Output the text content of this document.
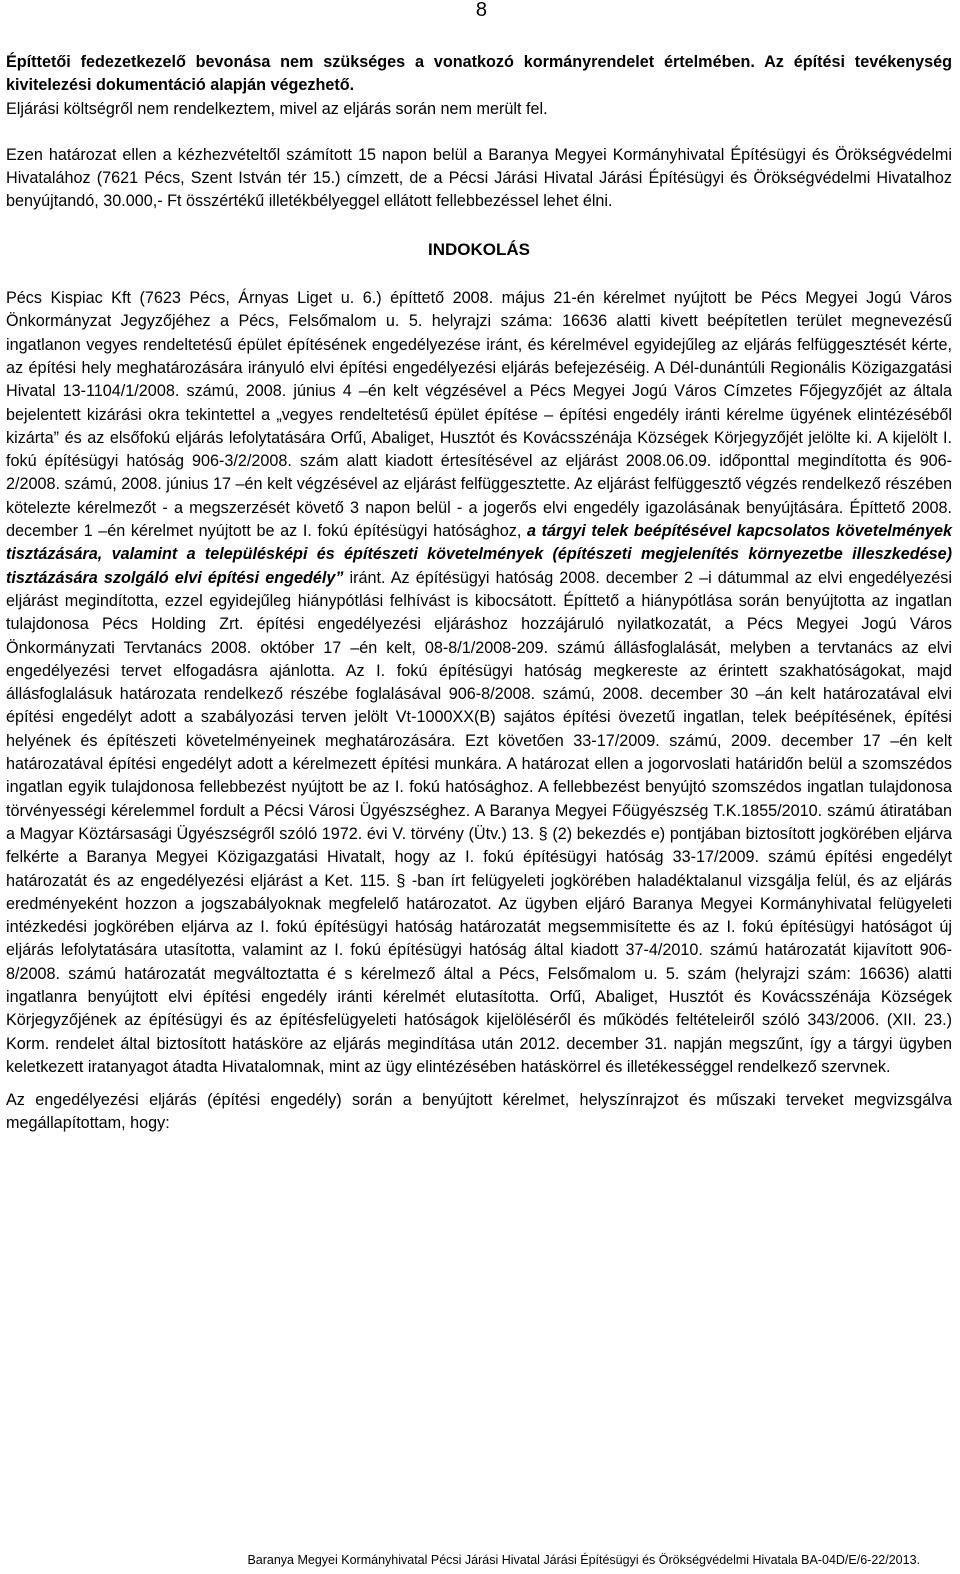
8

Építtetői fedezetkezelő bevonása nem szükséges a vonatkozó kormányrendelet értelmében. Az építési tevékenység kivitelezési dokumentáció alapján végezhető.

Eljárási költségről nem rendelkeztem, mivel az eljárás során nem merült fel.

Ezen határozat ellen a kézhezvételtől számított 15 napon belül a Baranya Megyei Kormányhivatal Építésügyi és Örökségvédelmi Hivatalához (7621 Pécs, Szent István tér 15.) címzett, de a Pécsi Járási Hivatal Járási Építésügyi és Örökségvédelmi Hivatalhoz benyújtandó, 30.000,- Ft összértékű illetékbélyeggel ellátott fellebbezéssel lehet élni.

INDOKOLÁS

Pécs Kispiac Kft (7623 Pécs, Árnyas Liget u. 6.) építtető 2008. május 21-én kérelmet nyújtott be Pécs Megyei Jogú Város Önkormányzat Jegyzőjéhez a Pécs, Felsőmalom u. 5. helyrajzi száma: 16636 alatti kivett beépítetlen terület megnevezésű ingatlanon vegyes rendeltetésű épület építésének engedélyezése iránt, és kérelmével egyidejűleg az eljárás felfüggesztését kérte, az építési hely meghatározására irányuló elvi építési engedélyezési eljárás befejezéséig. A Dél-dunántúli Regionális Közigazgatási Hivatal 13-1104/1/2008. számú, 2008. június 4 –én kelt végzésével a Pécs Megyei Jogú Város Címzetes Főjegyzőjét az általa bejelentett kizárási okra tekintettel a „vegyes rendeltetésű épület építése – építési engedély iránti kérelme ügyének elintézéséből kizárta” és az elsőfokú eljárás lefolytatására Orfű, Abaliget, Husztót és Kovácsszénája Községek Körjegyzőjét jelölte ki. A kijelölt I. fokú építésügyi hatóság 906-3/2/2008. szám alatt kiadott értesítésével az eljárást 2008.06.09. időponttal megindította és 906-2/2008. számú, 2008. június 17 –én kelt végzésével az eljárást felfüggesztette. Az eljárást felfüggesztő végzés rendelkező részében kötelezte kérelmezőt - a megszerzését követő 3 napon belül - a jogerős elvi engedély igazolásának benyújtására. Építtető 2008. december 1 –én kérelmet nyújtott be az I. fokú építésügyi hatósághoz, a tárgyi telek beépítésével kapcsolatos követelmények tisztázására, valamint a településképi és építészeti követelmények (építészeti megjelenítés környezetbe illeszkedése) tisztázására szolgáló elvi építési engedély” iránt. Az építésügyi hatóság 2008. december 2 –i dátummal az elvi engedélyezési eljárást megindította, ezzel egyidejűleg hiánypótlási felhívást is kibocsátott. Építtető a hiánypótlása során benyújtotta az ingatlan tulajdonosa Pécs Holding Zrt. építési engedélyezési eljáráshoz hozzájáruló nyilatkozatát, a Pécs Megyei Jogú Város Önkormányzati Tervtanács 2008. október 17 –én kelt, 08-8/1/2008-209. számú állásfoglalását, melyben a tervtanács az elvi engedélyezési tervet elfogadásra ajánlotta. Az I. fokú építésügyi hatóság megkereste az érintett szakhatóságokat, majd állásfoglalásuk határozata rendelkező részébe foglalásával 906-8/2008. számú, 2008. december 30 –án kelt határozatával elvi építési engedélyt adott a szabályozási terven jelölt Vt-1000XX(B) sajátos építési övezetű ingatlan, telek beépítésének, építési helyének és építészeti követelményeinek meghatározására. Ezt követően 33-17/2009. számú, 2009. december 17 –én kelt határozatával építési engedélyt adott a kérelmezett építési munkára. A határozat ellen a jogorvoslati határidőn belül a szomszédos ingatlan egyik tulajdonosa fellebbezést nyújtott be az I. fokú hatósághoz. A fellebbezést benyújtó szomszédos ingatlan tulajdonosa törvényességi kérelemmel fordult a Pécsi Városi Ügyészséghez. A Baranya Megyei Főügyészség T.K.1855/2010. számú átiratában a Magyar Köztársasági Ügyészségről szóló 1972. évi V. törvény (Ütv.) 13. § (2) bekezdés e) pontjában biztosított jogkörében eljárva felkérte a Baranya Megyei Közigazgatási Hivatalt, hogy az I. fokú építésügyi hatóság 33-17/2009. számú építési engedélyt határozatát és az engedélyezési eljárást a Ket. 115. § -ban írt felügyeleti jogkörében haladéktalanul vizsgálja felül, és az eljárás eredményeként hozzon a jogszabályoknak megfelelő határozatot. Az ügyben eljáró Baranya Megyei Kormányhivatal felügyeleti intézkedési jogkörében eljárva az I. fokú építésügyi hatóság határozatát megsemmisítette és az I. fokú építésügyi hatóságot új eljárás lefolytatására utasította, valamint az I. fokú építésügyi hatóság által kiadott 37-4/2010. számú határozatát kijavított 906-8/2008. számú határozatát megváltoztatta é s kérelmező által a Pécs, Felsőmalom u. 5. szám (helyrajzi szám: 16636) alatti ingatlanra benyújtott elvi építési engedély iránti kérelmét elutasította. Orfű, Abaliget, Husztót és Kovácsszénája Községek Körjegyzőjének az építésügyi és az építésfelügyeleti hatóságok kijelöléséről és működés feltételeiről szóló 343/2006. (XII. 23.) Korm. rendelet által biztosított hatásköre az eljárás megindítása után 2012. december 31. napján megszűnt, így a tárgyi ügyben keletkezett iratanyagot átadta Hivatalomnak, mint az ügy elintézésében hatáskörrel és illetékességgel rendelkező szervnek.

Az engedélyezési eljárás (építési engedély) során a benyújtott kérelmet, helyszínrajzot és műszaki terveket megvizsgálva megállapítottam, hogy:

Baranya Megyei Kormányhivatal Pécsi Járási Hivatal Járási Építésügyi és Örökségvédelmi Hivatala BA-04D/E/6-22/2013.
